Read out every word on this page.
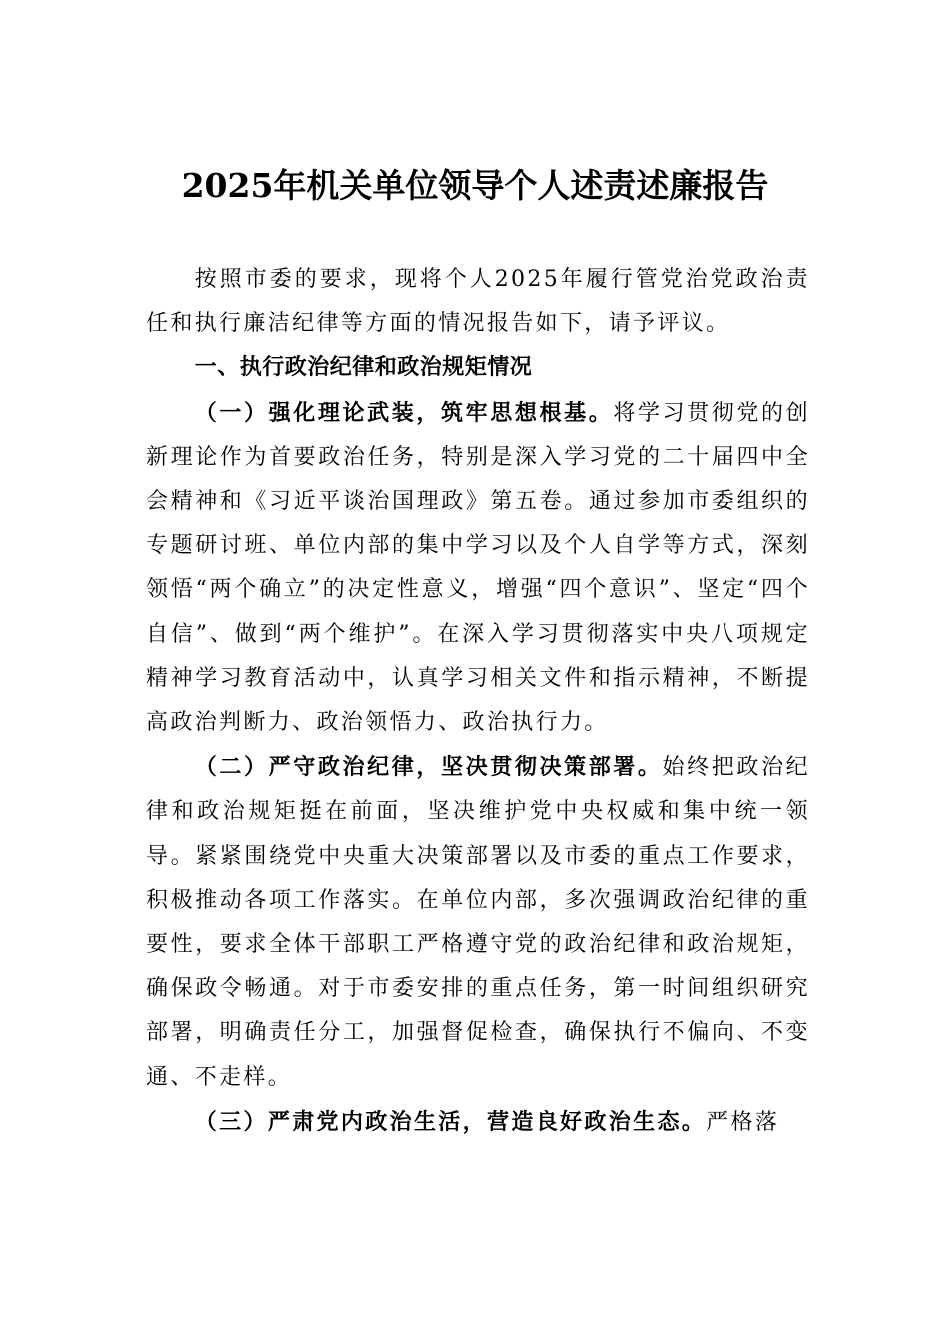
2025年机关单位领导个人述责述廉报告

按照市委的要求，现将个人2025年履行管党治党政治责任和执行廉洁纪律等方面的情况报告如下，请予评议。

一、执行政治纪律和政治规矩情况

（一）强化理论武装，筑牢思想根基。将学习贯彻党的创新理论作为首要政治任务，特别是深入学习党的二十届四中全会精神和《习近平谈治国理政》第五卷。通过参加市委组织的专题研讨班、单位内部的集中学习以及个人自学等方式，深刻领悟“两个确立”的决定性意义，增强“四个意识”、坚定“四个自信”、做到“两个维护”。在深入学习贯彻落实中央八项规定精神学习教育活动中，认真学习相关文件和指示精神，不断提高政治判断力、政治领悟力、政治执行力。

（二）严守政治纪律，坚决贯彻决策部署。始终把政治纪律和政治规矩挺在前面，坚决维护党中央权威和集中统一领导。紧紧围绕党中央重大决策部署以及市委的重点工作要求，积极推动各项工作落实。在单位内部，多次强调政治纪律的重要性，要求全体干部职工严格遵守党的政治纪律和政治规矩，确保政令畅通。对于市委安排的重点任务，第一时间组织研究部署，明确责任分工，加强督促检查，确保执行不偏向、不变通、不走样。

（三）严肃党内政治生活，营造良好政治生态。严格落
